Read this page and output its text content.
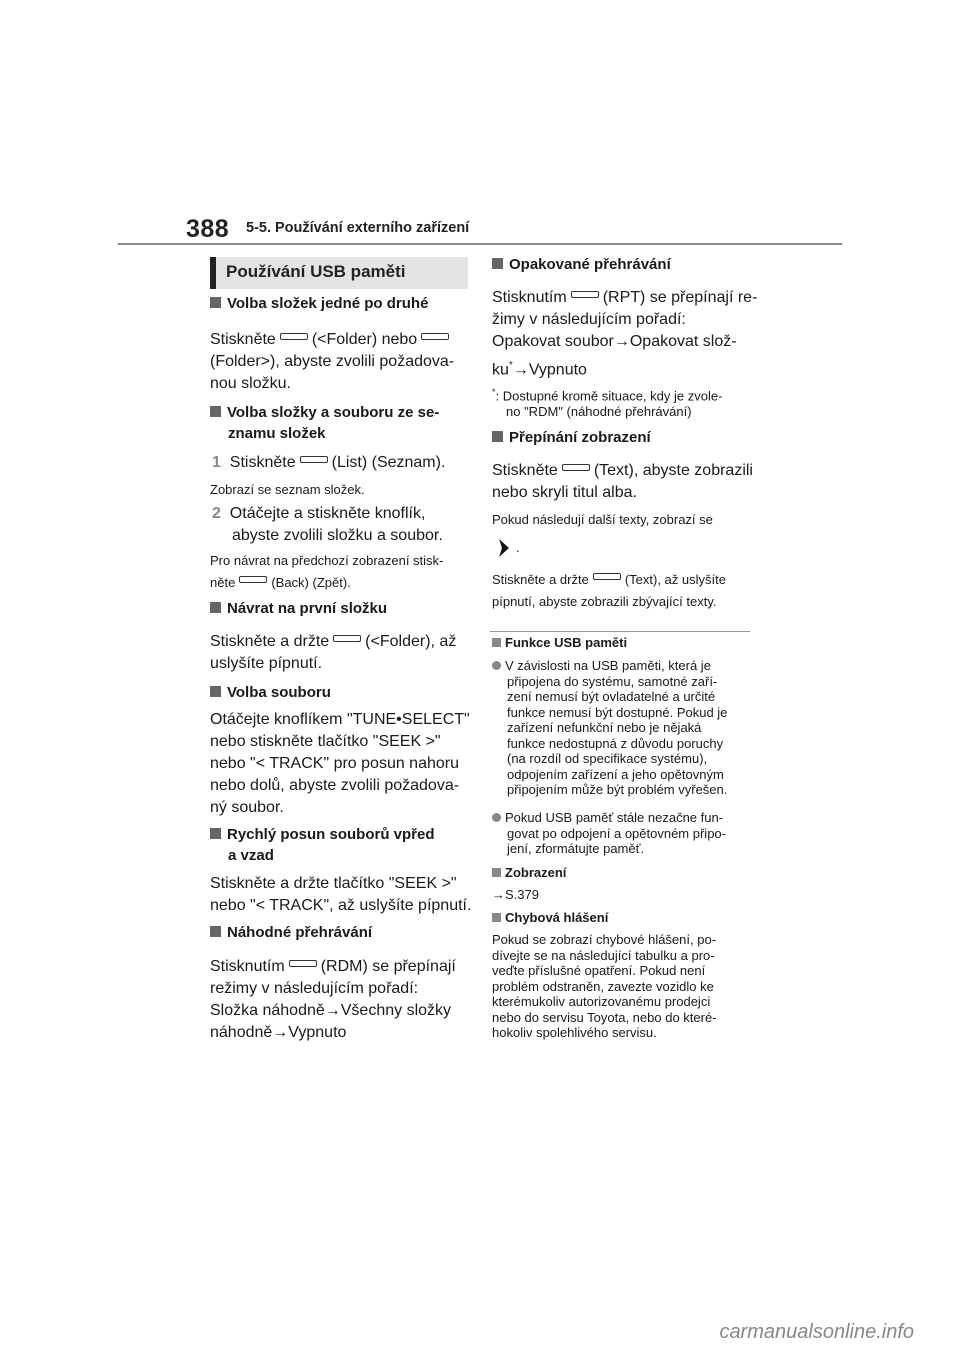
388 5-5. Používání externího zařízení
Používání USB paměti
Volba složek jedné po druhé
Stiskněte (<Folder) nebo
(Folder>), abyste zvolili požadova-
nou složku.
Volba složky a souboru ze se-
znamu složek
1 Stiskněte (List) (Seznam).
Zobrazí se seznam složek.
2 Otáčejte a stiskněte knoflík,
abyste zvolili složku a soubor.
Pro návrat na předchozí zobrazení stisk-
něte	(Back) (Zpět).
Návrat na první složku
Stiskněte a držte (<Folder), až
uslyšíte pípnutí.
Volba souboru
Otáčejte knoflíkem "TUNE•SELECT"
nebo stiskněte tlačítko "SEEK >"
nebo "< TRACK" pro posun nahoru
nebo dolů, abyste zvolili požadova-
ný soubor.
Rychlý posun souborů vpřed
a vzad
Stiskněte a držte tlačítko "SEEK >"
nebo "< TRACK", až uslyšíte pípnutí.
Náhodné přehrávání
Stisknutím (RDM) se přepínají
režimy v následujícím pořadí:
Složka náhodně→Všechny složky
náhodně→Vypnuto
Opakované přehrávání
Stisknutím (RPT) se přepínají re-
žimy v následujícím pořadí:
Opakovat soubor→Opakovat slož-
ku*→Vypnuto
*: Dostupné kromě situace, kdy je zvole-
no "RDM" (náhodné přehrávání)
Přepínání zobrazení
Stiskněte (Text), abyste zobrazili
nebo skryli titul alba.
Pokud následují další texty, zobrazí se
.
Stiskněte a držte	(Text), až uslyšíte
pípnutí, abyste zobrazili zbývající texty.
Funkce USB paměti
V závislosti na USB paměti, která je
připojena do systému, samotné zaří-
zení nemusí být ovladatelné a určité
funkce nemusí být dostupné. Pokud je
zařízení nefunkční nebo je nějaká
funkce nedostupná z důvodu poruchy
(na rozdíl od specifikace systému),
odpojením zařízení a jeho opětovným
připojením může být problém vyřešen.
Pokud USB paměť stále nezačne fun-
govat po odpojení a opětovném připo-
jení, zformátujte paměť.
Zobrazení
→S.379
Chybová hlášení
Pokud se zobrazí chybové hlášení, po-
dívejte se na následující tabulku a pro-
veďte příslušné opatření. Pokud není
problém odstraněn, zavezte vozidlo ke
kterémukoliv autorizovanému prodejci
nebo do servisu Toyota, nebo do které-
hokoliv spolehlivého servisu.
carmanualsonline.info
